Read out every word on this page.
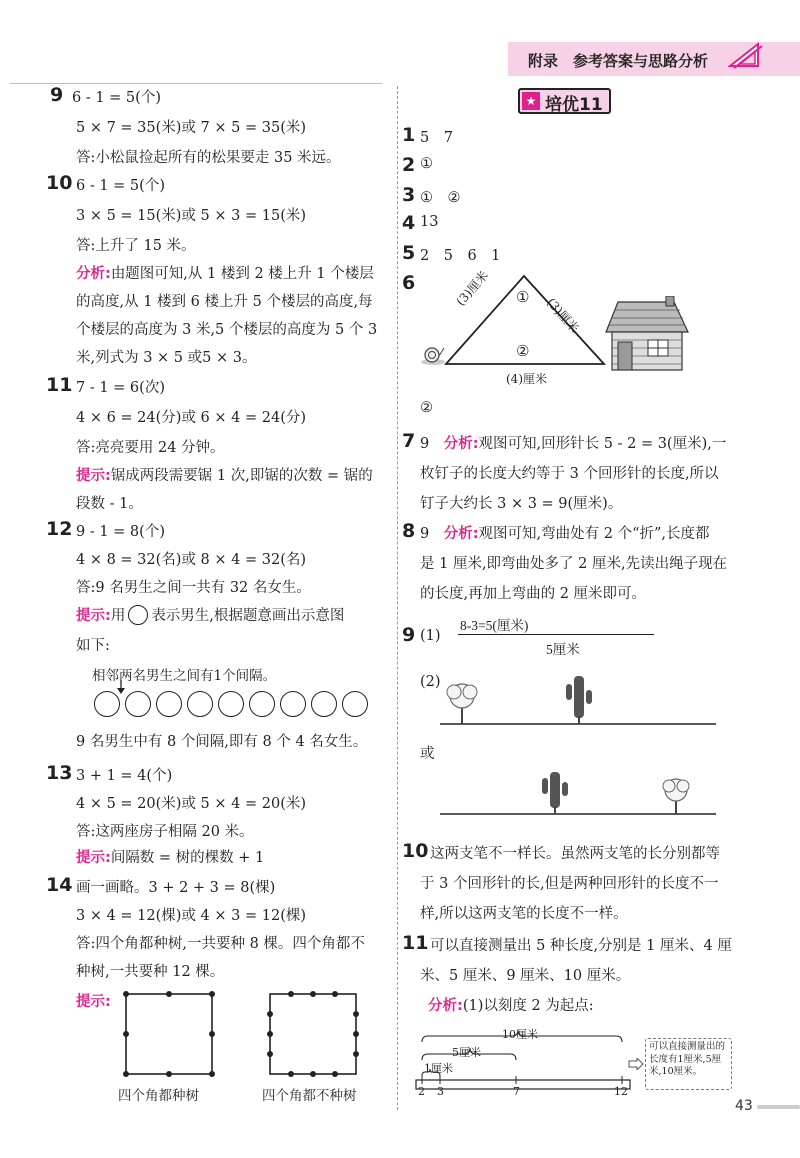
附录　参考答案与思路分析
9 6 - 1 = 5(个)
5 × 7 = 35(米)或 7 × 5 = 35(米)
答:小松鼠捡起所有的松果要走 35 米远。
10 6 - 1 = 5(个)
3 × 5 = 15(米)或 5 × 3 = 15(米)
答:上升了 15 米。
分析:由题图可知,从 1 楼到 2 楼上升 1 个楼层
的高度,从 1 楼到 6 楼上升 5 个楼层的高度,每
个楼层的高度为 3 米,5 个楼层的高度为 5 个 3
米,列式为 3 × 5 或5 × 3。
11 7 - 1 = 6(次)
4 × 6 = 24(分)或 6 × 4 = 24(分)
答:亮亮要用 24 分钟。
提示:锯成两段需要锯 1 次,即锯的次数 = 锯的
段数 - 1。
12 9 - 1 = 8(个)
4 × 8 = 32(名)或 8 × 4 = 32(名)
答:9 名男生之间一共有 32 名女生。
提示:用 表示男生,根据题意画出示意图
如下:
相邻两名男生之间有1个间隔。
9 名男生中有 8 个间隔,即有 8 个 4 名女生。
13 3 + 1 = 4(个)
4 × 5 = 20(米)或 5 × 4 = 20(米)
答:这两座房子相隔 20 米。
提示:间隔数 = 树的棵数 + 1
14 画一画略。3 + 2 + 3 = 8(棵)
3 × 4 = 12(棵)或 4 × 3 = 12(棵)
答:四个角都种树,一共要种 8 棵。四个角都不
种树,一共要种 12 棵。
提示:
四个角都种树	四个角都不种树
★ 培优11
1 5　7
2 ①
3 ①　②
4 13
5 2　5　6　1
6	(3)厘米
(3)厘米
①
②
(4)厘米
②
7 9　 分析:观图可知,回形针长 5 - 2 = 3(厘米),一
枚钉子的长度大约等于 3 个回形针的长度,所以
钉子大约长 3 × 3 = 9(厘米)。
8 9　 分析:观图可知,弯曲处有 2 个“折”,长度都
是 1 厘米,即弯曲处多了 2 厘米,先读出绳子现在
的长度,再加上弯曲的 2 厘米即可。
9 (1)
8-3=5(厘米)
5厘米
(2)
或
10 这两支笔不一样长。虽然两支笔的长分别都等
于 3 个回形针的长,但是两种回形针的长度不一
样,所以这两支笔的长度不一样。
11 可以直接测量出 5 种长度,分别是 1 厘米、4 厘
米、5 厘米、9 厘米、10 厘米。
分析:(1)以刻度 2 为起点:
10厘米
5厘米
1厘米
2 3	7	12
可以直接测量出的长度有1厘米,5厘米,10厘米。
43
